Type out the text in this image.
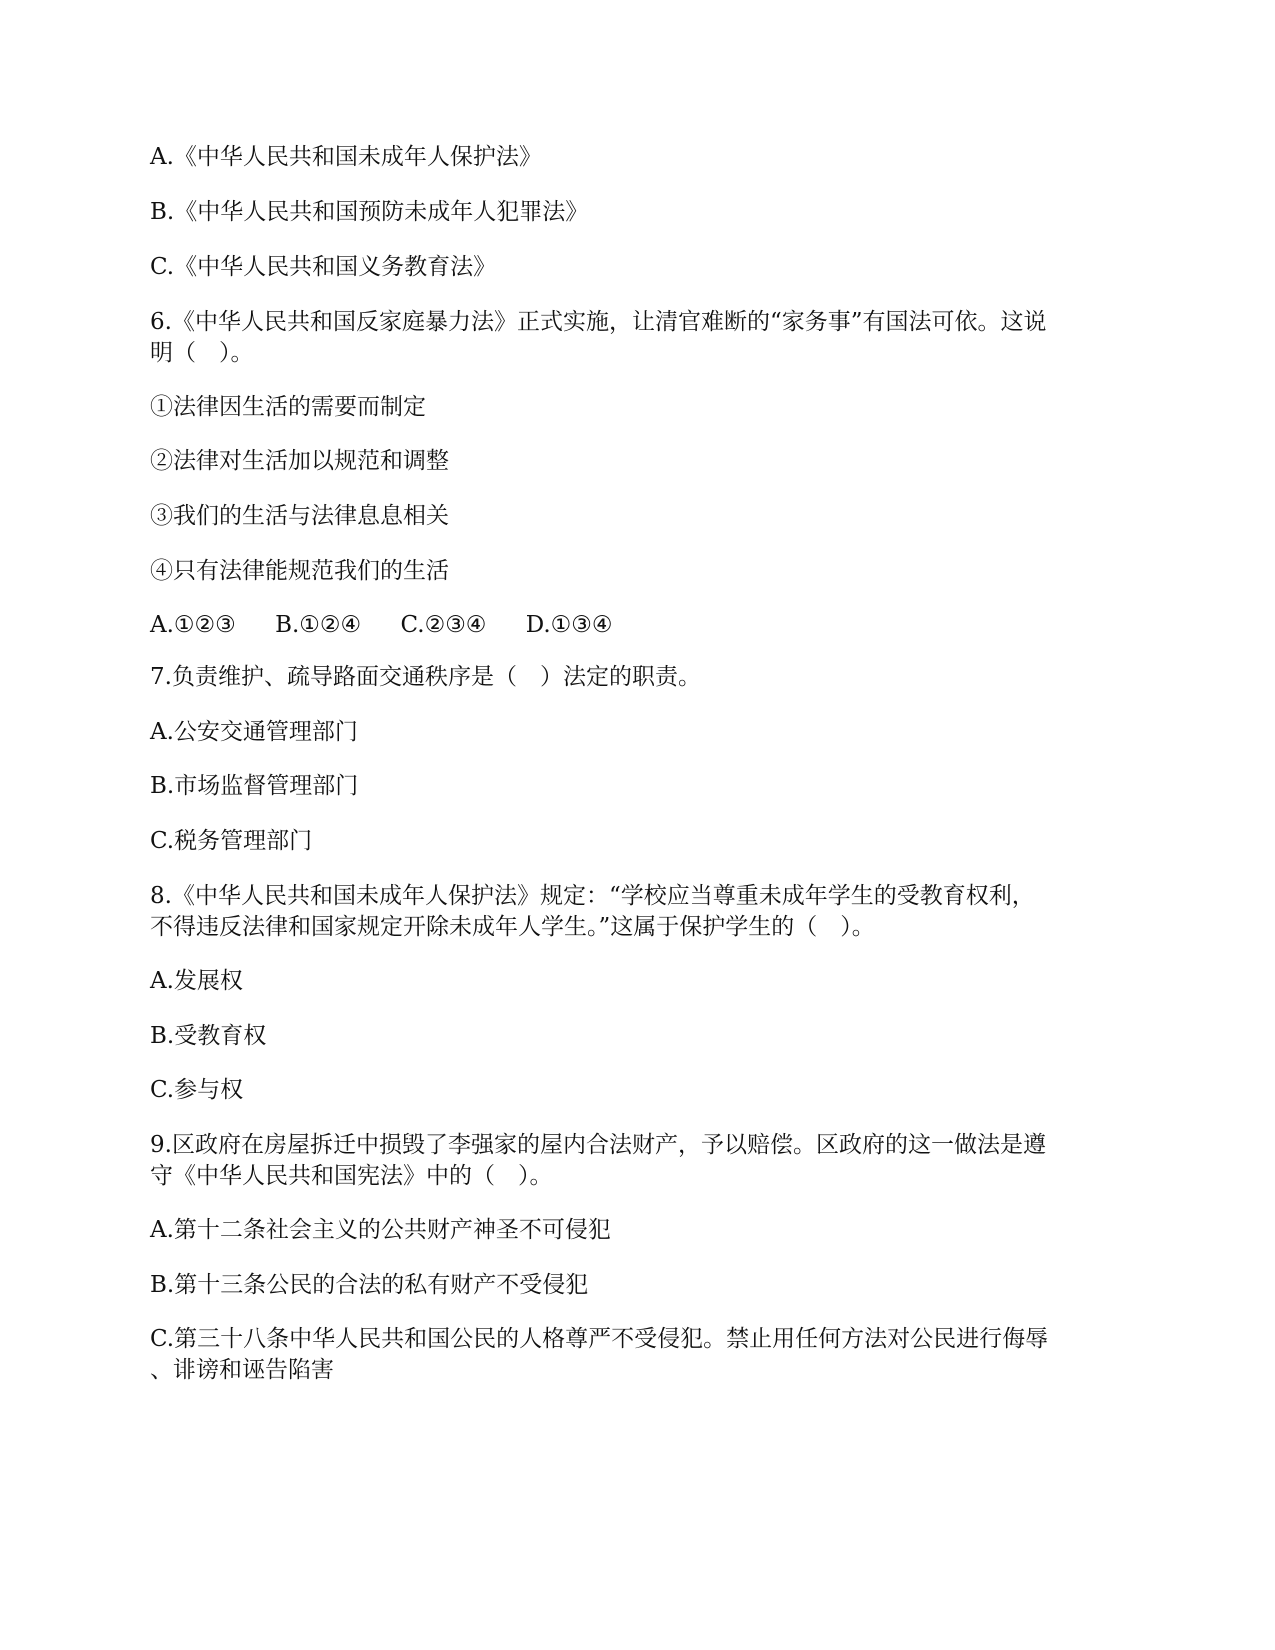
A.《中华人民共和国未成年人保护法》
B.《中华人民共和国预防未成年人犯罪法》
C.《中华人民共和国义务教育法》
6.《中华人民共和国反家庭暴力法》正式实施，让清官难断的“家务事”有国法可依。这说
明（　）。
①法律因生活的需要而制定
②法律对生活加以规范和调整
③我们的生活与法律息息相关
④只有法律能规范我们的生活
A.①②③ B.①②④ C.②③④ D.①③④
7.负责维护、疏导路面交通秩序是（　）法定的职责。
A.公安交通管理部门
B.市场监督管理部门
C.税务管理部门
8.《中华人民共和国未成年人保护法》规定：“学校应当尊重未成年学生的受教育权利，
不得违反法律和国家规定开除未成年人学生。”这属于保护学生的（　）。
A.发展权
B.受教育权
C.参与权
9.区政府在房屋拆迁中损毁了李强家的屋内合法财产，予以赔偿。区政府的这一做法是遵
守《中华人民共和国宪法》中的（　）。
A.第十二条社会主义的公共财产神圣不可侵犯
B.第十三条公民的合法的私有财产不受侵犯
C.第三十八条中华人民共和国公民的人格尊严不受侵犯。禁止用任何方法对公民进行侮辱
、诽谤和诬告陷害
